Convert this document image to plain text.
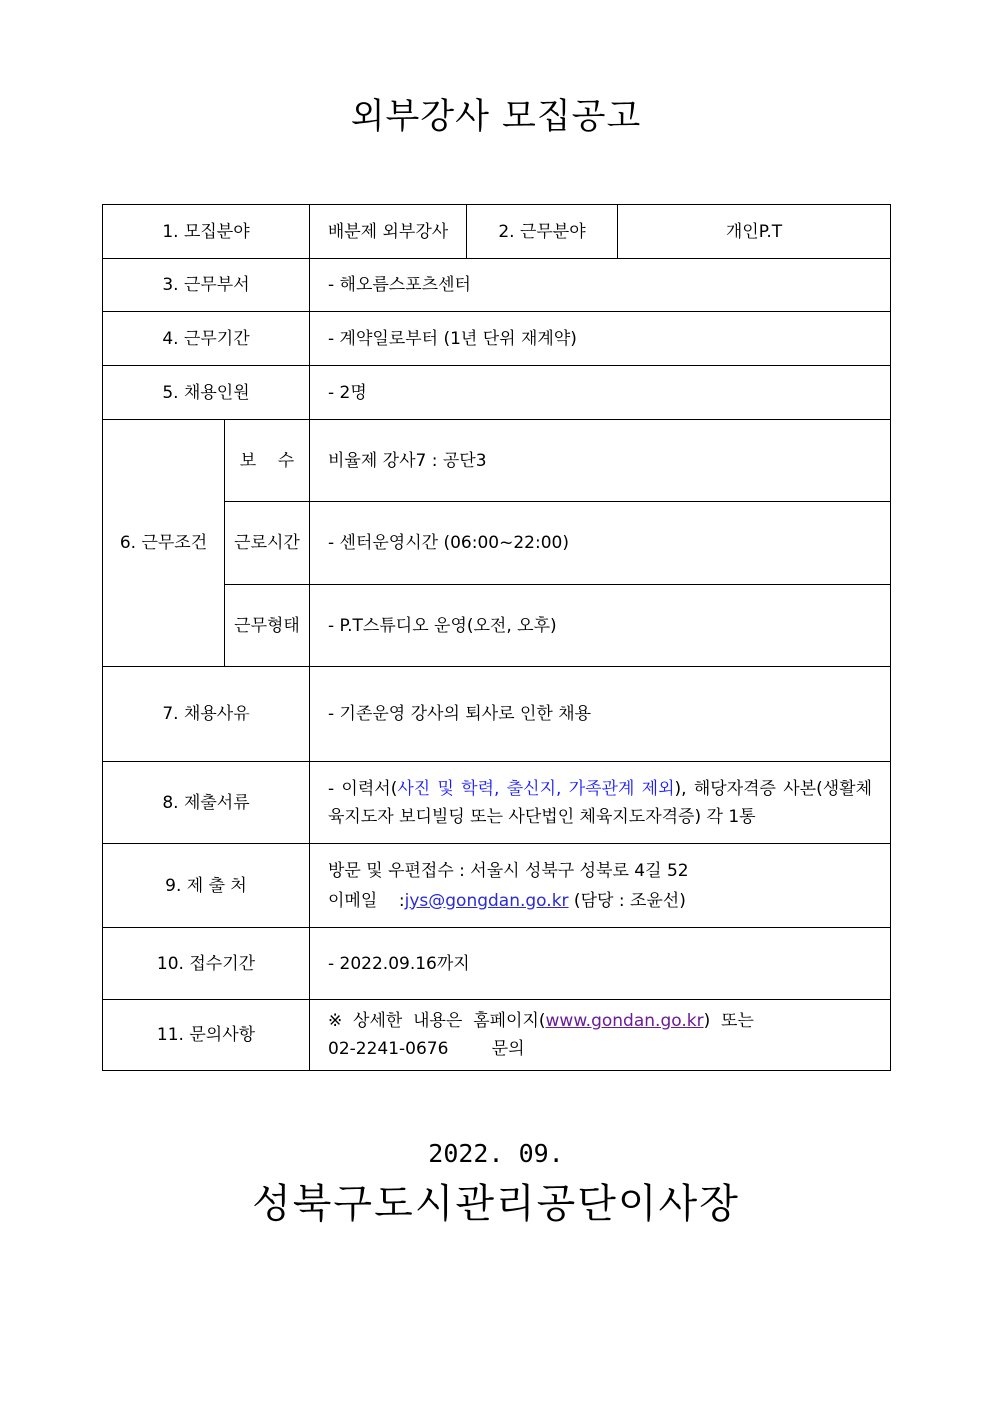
외부강사 모집공고
1. 모집분야		배분제 외부강사	2. 근무분야	개인P.T
3. 근무부서		- 해오름스포츠센터		
4. 근무기간		- 계약일로부터 (1년 단위 재계약)		
5. 채용인원		- 2명		
6. 근무조건	보    수	비율제 강사7 : 공단3		
	근로시간	- 센터운영시간 (06:00~22:00)		
	근무형태	- P.T스튜디오 운영(오전, 오후)		
7. 채용사유		- 기존운영 강사의 퇴사로 인한 채용		
8. 제출서류		- 이력서(사진 및 학력, 출신지, 가족관계 제외), 해당자격증 사본(생활체육지도자 보디빌딩 또는 사단법인 체육지도자격증) 각 1통		
9. 제 출 처		방문 및 우편접수 : 서울시 성북구 성북로 4길 52
이메일    :jys@gongdan.go.kr (담당 : 조윤선)		

10. 접수기간		- 2022.09.16까지		
11. 문의사항		※  상세한  내용은  홈페이지(www.gondan.go.kr)  또는
02-2241-0676        문의		
2022. 09.
성북구도시관리공단이사장
